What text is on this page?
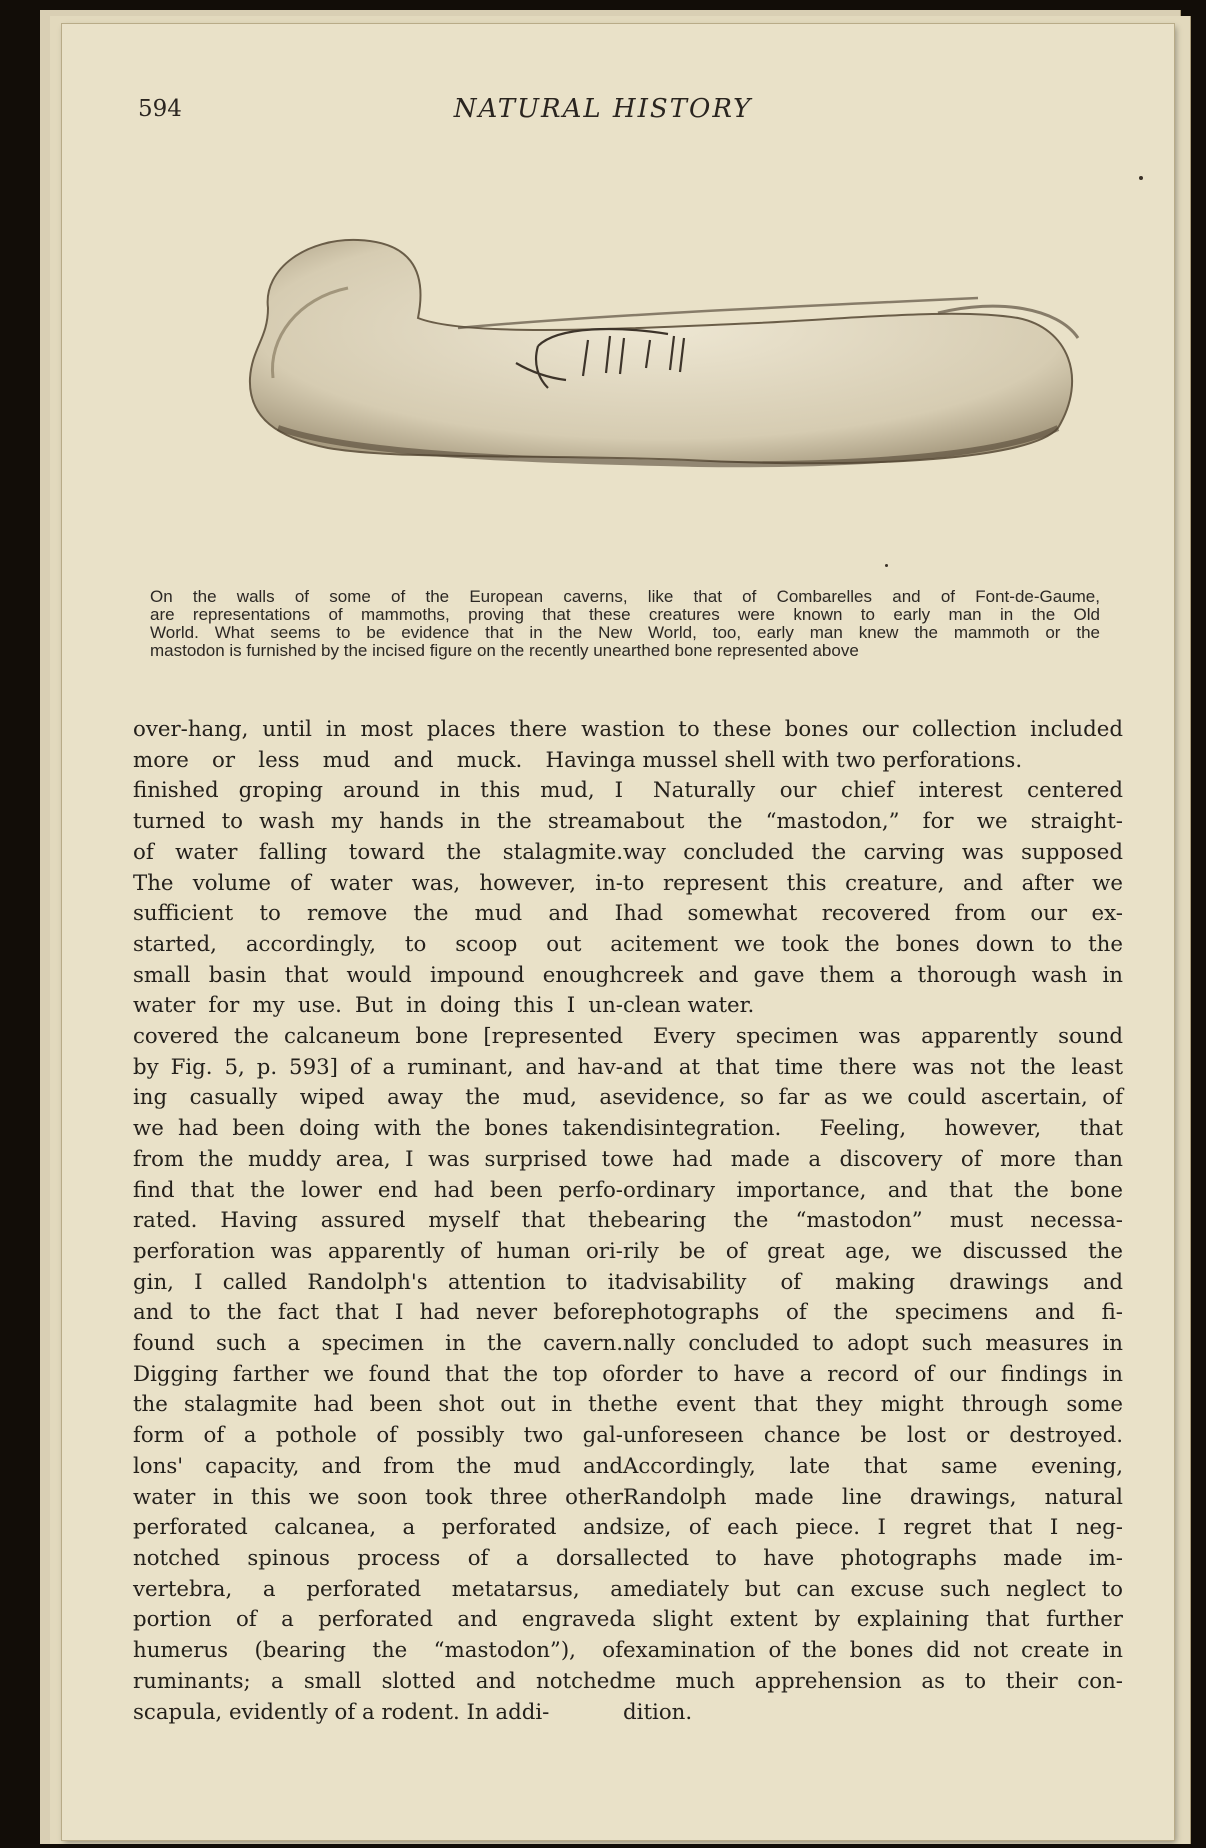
594	NATURAL HISTORY
On the walls of some of the European caverns, like that of Combarelles and of Font-de-Gaume,
are representations of mammoths, proving that these creatures were known to early man in the Old
World. What seems to be evidence that in the New World, too, early man knew the mammoth or the
mastodon is furnished by the incised figure on the recently unearthed bone represented above
over-hang, until in most places there was
more or less mud and muck. Having
finished groping around in this mud, I
turned to wash my hands in the stream
of water falling toward the stalagmite.
The volume of water was, however, in-
sufficient to remove the mud and I
started, accordingly, to scoop out a
small basin that would impound enough
water for my use. But in doing this I un-
covered the calcaneum bone [represented
by Fig. 5, p. 593] of a ruminant, and hav-
ing casually wiped away the mud, as
we had been doing with the bones taken
from the muddy area, I was surprised to
find that the lower end had been perfo-
rated. Having assured myself that the
perforation was apparently of human ori-
gin, I called Randolph's attention to it
and to the fact that I had never before
found such a specimen in the cavern.
Digging farther we found that the top of
the stalagmite had been shot out in the
form of a pothole of possibly two gal-
lons' capacity, and from the mud and
water in this we soon took three other
perforated calcanea, a perforated and
notched spinous process of a dorsal
vertebra, a perforated metatarsus, a
portion of a perforated and engraved
humerus (bearing the “mastodon”), of
ruminants; a small slotted and notched
scapula, evidently of a rodent. In addi-
tion to these bones our collection included
a mussel shell with two perforations.
Naturally our chief interest centered
about the “mastodon,” for we straight-
way concluded the carving was supposed
to represent this creature, and after we
had somewhat recovered from our ex-
citement we took the bones down to the
creek and gave them a thorough wash in
clean water.
Every specimen was apparently sound
and at that time there was not the least
evidence, so far as we could ascertain, of
disintegration. Feeling, however, that
we had made a discovery of more than
ordinary importance, and that the bone
bearing the “mastodon” must necessa-
rily be of great age, we discussed the
advisability of making drawings and
photographs of the specimens and fi-
nally concluded to adopt such measures in
order to have a record of our findings in
the event that they might through some
unforeseen chance be lost or destroyed.
Accordingly, late that same evening,
Randolph made line drawings, natural
size, of each piece. I regret that I neg-
lected to have photographs made im-
mediately but can excuse such neglect to
a slight extent by explaining that further
examination of the bones did not create in
me much apprehension as to their con-
dition.
